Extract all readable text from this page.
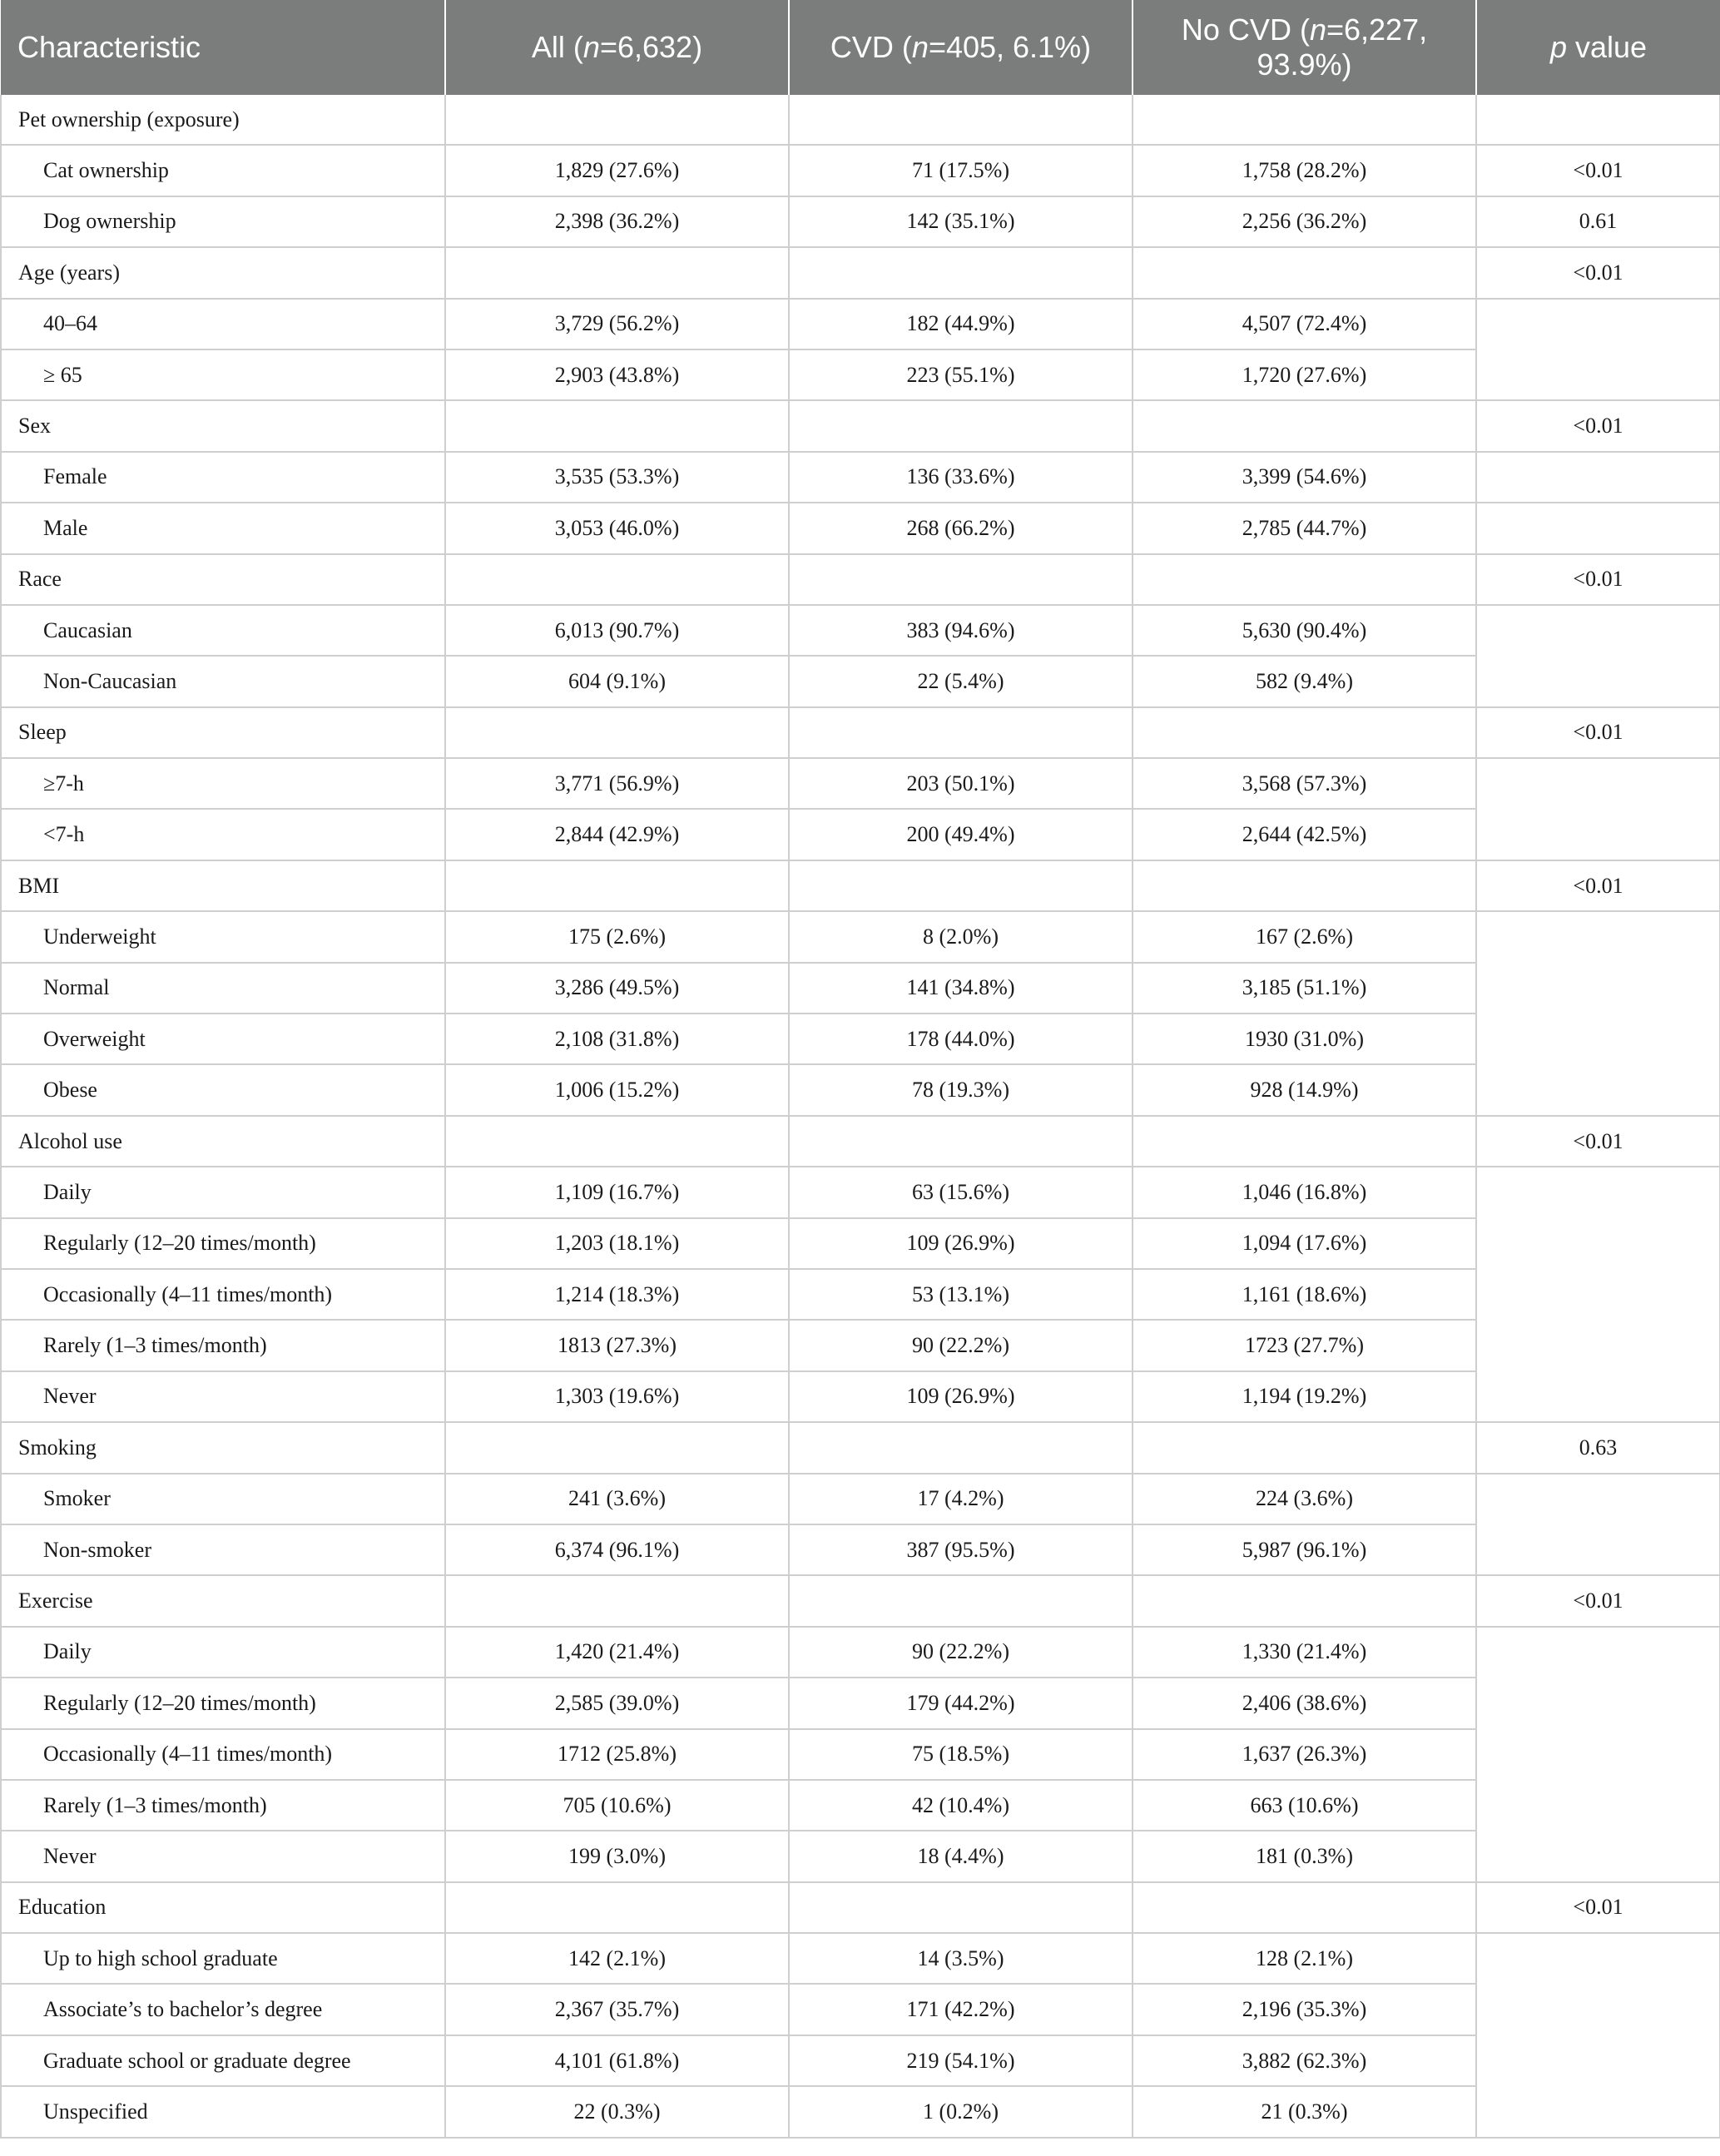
Characteristic	All (n=6,632)	CVD (n=405, 6.1%)	No CVD (n=6,227, 93.9%)	p value
Pet ownership (exposure)				
Cat ownership	1,829 (27.6%)	71 (17.5%)	1,758 (28.2%)	<0.01
Dog ownership	2,398 (36.2%)	142 (35.1%)	2,256 (36.2%)	0.61
Age (years)				<0.01
40–64	3,729 (56.2%)	182 (44.9%)	4,507 (72.4%)	
≥ 65	2,903 (43.8%)	223 (55.1%)	1,720 (27.6%)	
Sex				<0.01
Female	3,535 (53.3%)	136 (33.6%)	3,399 (54.6%)	
Male	3,053 (46.0%)	268 (66.2%)	2,785 (44.7%)	
Race				<0.01
Caucasian	6,013 (90.7%)	383 (94.6%)	5,630 (90.4%)	
Non-Caucasian	604 (9.1%)	22 (5.4%)	582 (9.4%)	
Sleep				<0.01
≥7-h	3,771 (56.9%)	203 (50.1%)	3,568 (57.3%)	
<7-h	2,844 (42.9%)	200 (49.4%)	2,644 (42.5%)	
BMI				<0.01
Underweight	175 (2.6%)	8 (2.0%)	167 (2.6%)	
Normal	3,286 (49.5%)	141 (34.8%)	3,185 (51.1%)	
Overweight	2,108 (31.8%)	178 (44.0%)	1930 (31.0%)	
Obese	1,006 (15.2%)	78 (19.3%)	928 (14.9%)	
Alcohol use				<0.01
Daily	1,109 (16.7%)	63 (15.6%)	1,046 (16.8%)	
Regularly (12–20 times/month)	1,203 (18.1%)	109 (26.9%)	1,094 (17.6%)	
Occasionally (4–11 times/month)	1,214 (18.3%)	53 (13.1%)	1,161 (18.6%)	
Rarely (1–3 times/month)	1813 (27.3%)	90 (22.2%)	1723 (27.7%)	
Never	1,303 (19.6%)	109 (26.9%)	1,194 (19.2%)	
Smoking				0.63
Smoker	241 (3.6%)	17 (4.2%)	224 (3.6%)	
Non-smoker	6,374 (96.1%)	387 (95.5%)	5,987 (96.1%)	
Exercise				<0.01
Daily	1,420 (21.4%)	90 (22.2%)	1,330 (21.4%)	
Regularly (12–20 times/month)	2,585 (39.0%)	179 (44.2%)	2,406 (38.6%)	
Occasionally (4–11 times/month)	1712 (25.8%)	75 (18.5%)	1,637 (26.3%)	
Rarely (1–3 times/month)	705 (10.6%)	42 (10.4%)	663 (10.6%)	
Never	199 (3.0%)	18 (4.4%)	181 (0.3%)	
Education				<0.01
Up to high school graduate	142 (2.1%)	14 (3.5%)	128 (2.1%)	
Associate’s to bachelor’s degree	2,367 (35.7%)	171 (42.2%)	2,196 (35.3%)	
Graduate school or graduate degree	4,101 (61.8%)	219 (54.1%)	3,882 (62.3%)	
Unspecified	22 (0.3%)	1 (0.2%)	21 (0.3%)	
